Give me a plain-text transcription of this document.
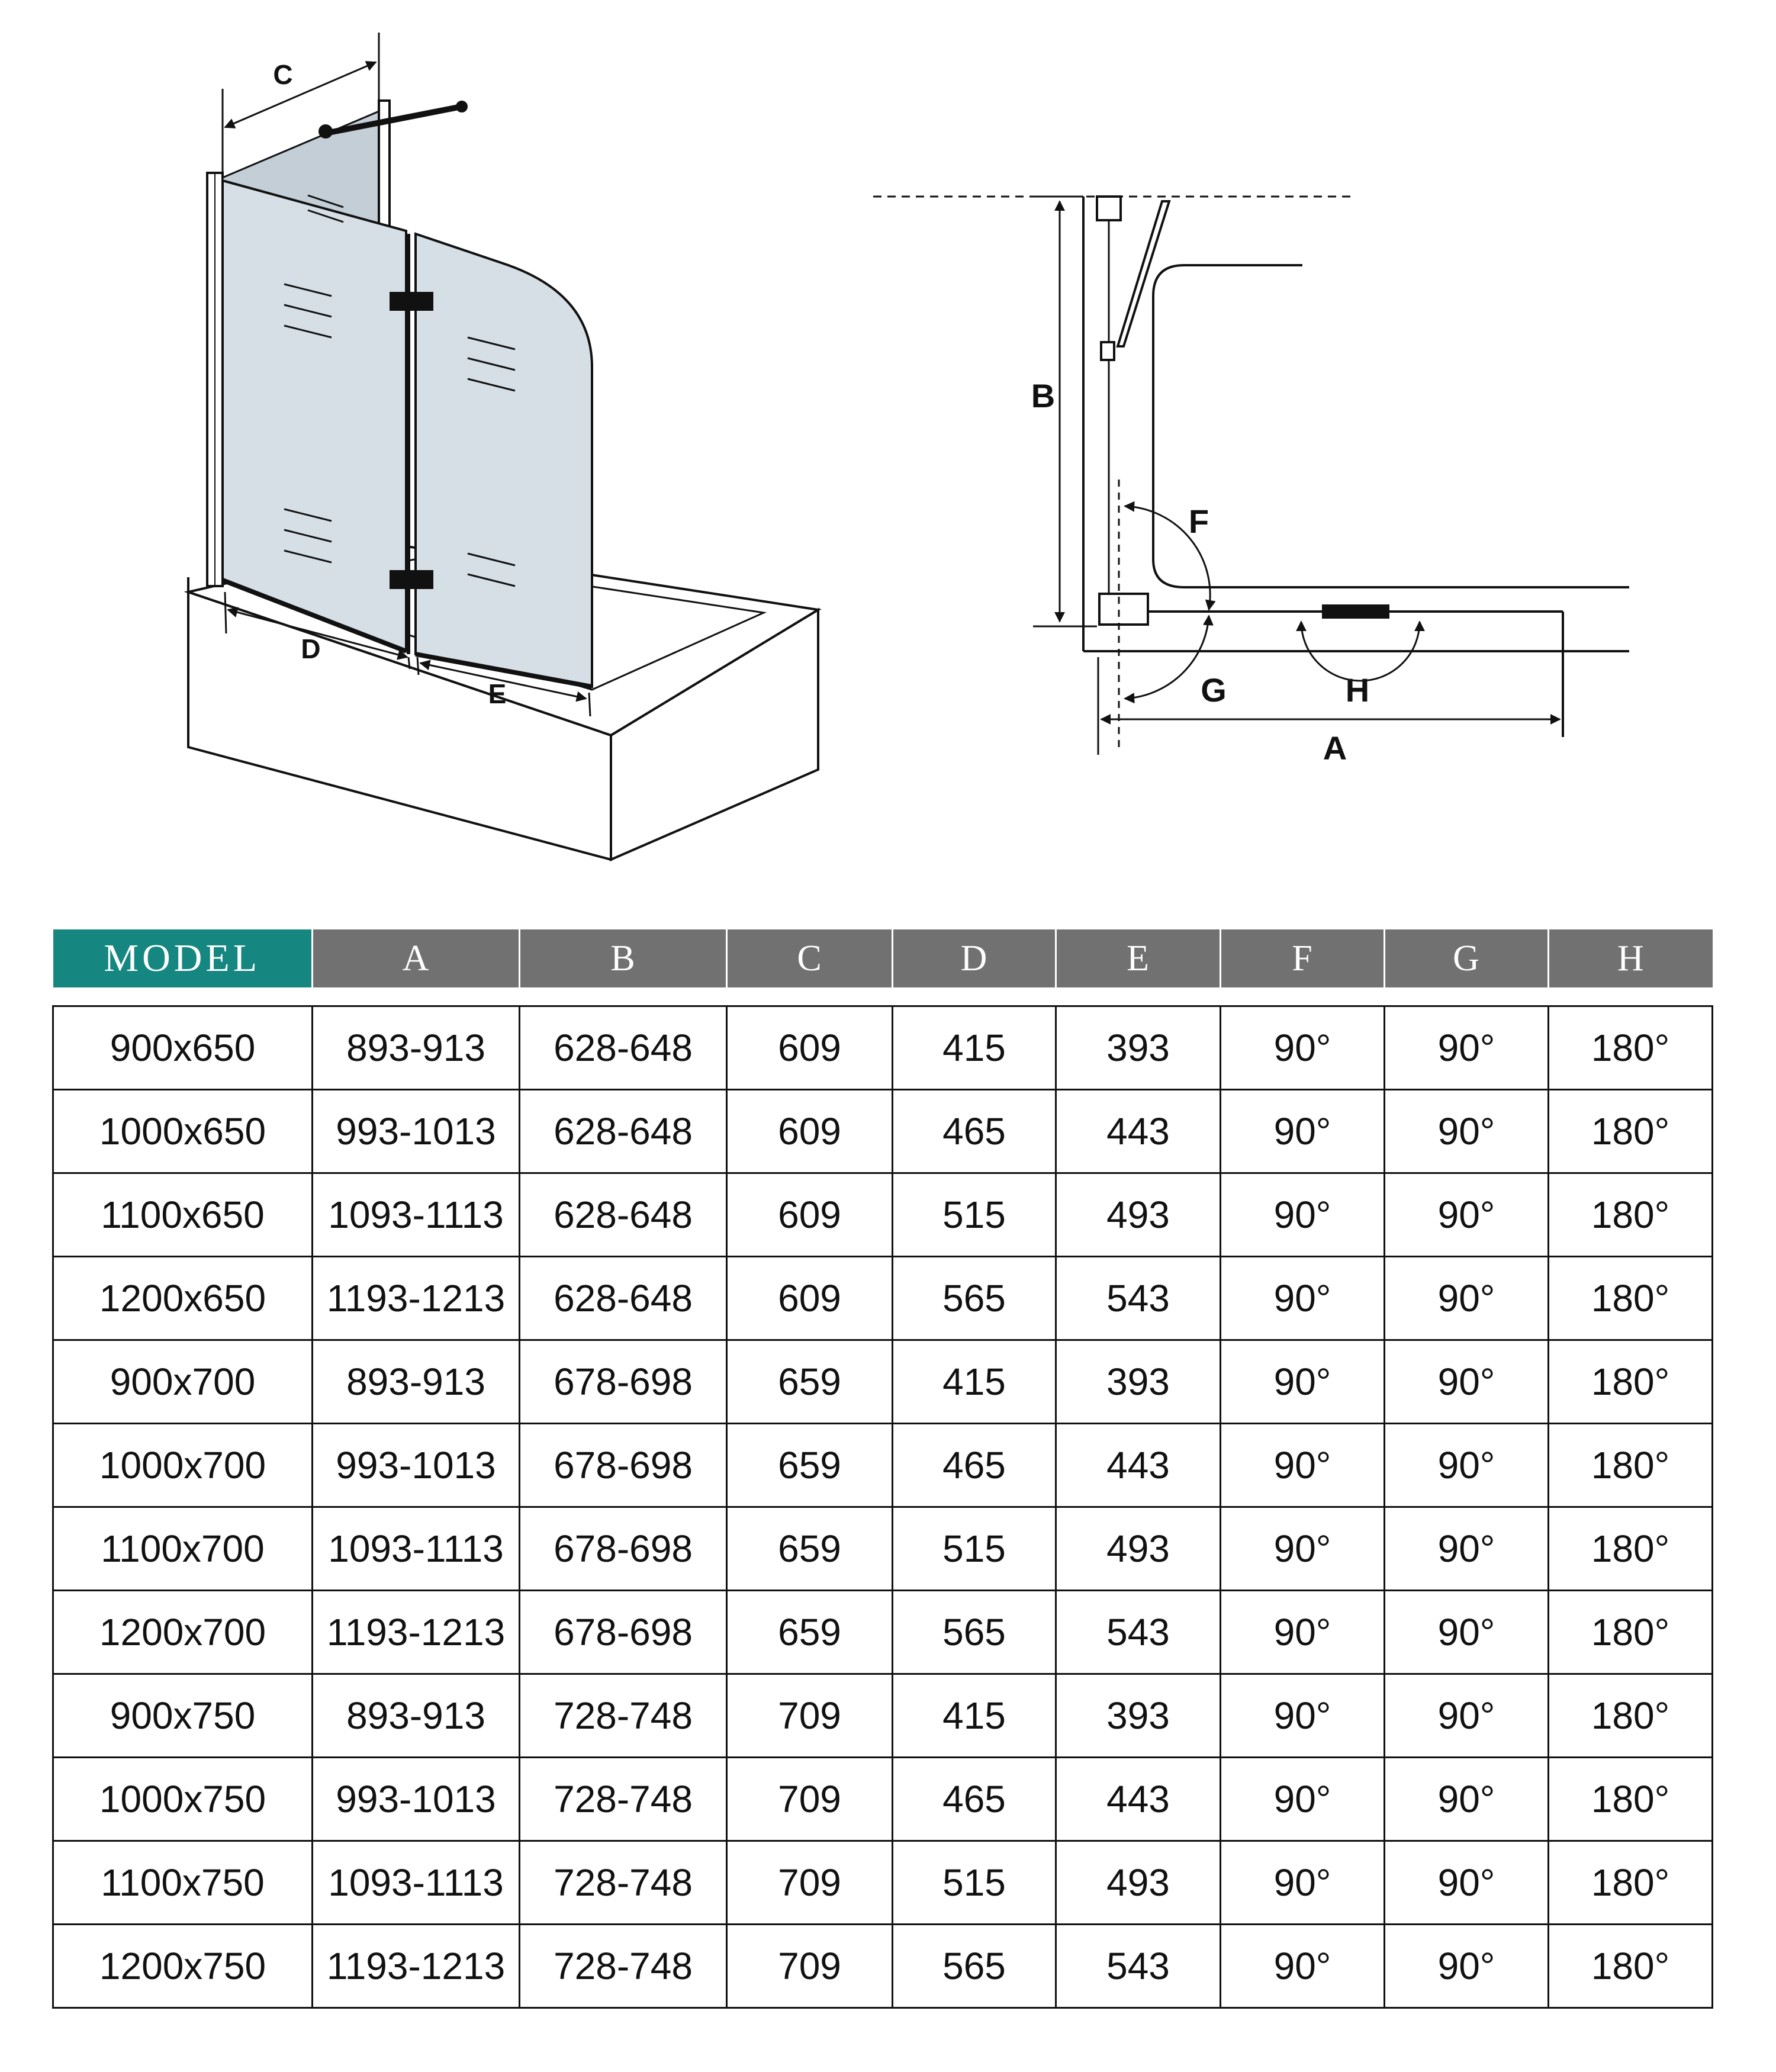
C
D
E
B
F
G	H
A
MODEL	A	B	C	D	E	F	G	H

900x650	893-913	628-648	609	415	393	90°	90°	180°
1000x650	993-1013	628-648	609	465	443	90°	90°	180°
1100x650	1093-1113	628-648	609	515	493	90°	90°	180°
1200x650	1193-1213	628-648	609	565	543	90°	90°	180°
900x700	893-913	678-698	659	415	393	90°	90°	180°
1000x700	993-1013	678-698	659	465	443	90°	90°	180°
1100x700	1093-1113	678-698	659	515	493	90°	90°	180°
1200x700	1193-1213	678-698	659	565	543	90°	90°	180°
900x750	893-913	728-748	709	415	393	90°	90°	180°
1000x750	993-1013	728-748	709	465	443	90°	90°	180°
1100x750	1093-1113	728-748	709	515	493	90°	90°	180°
1200x750	1193-1213	728-748	709	565	543	90°	90°	180°
